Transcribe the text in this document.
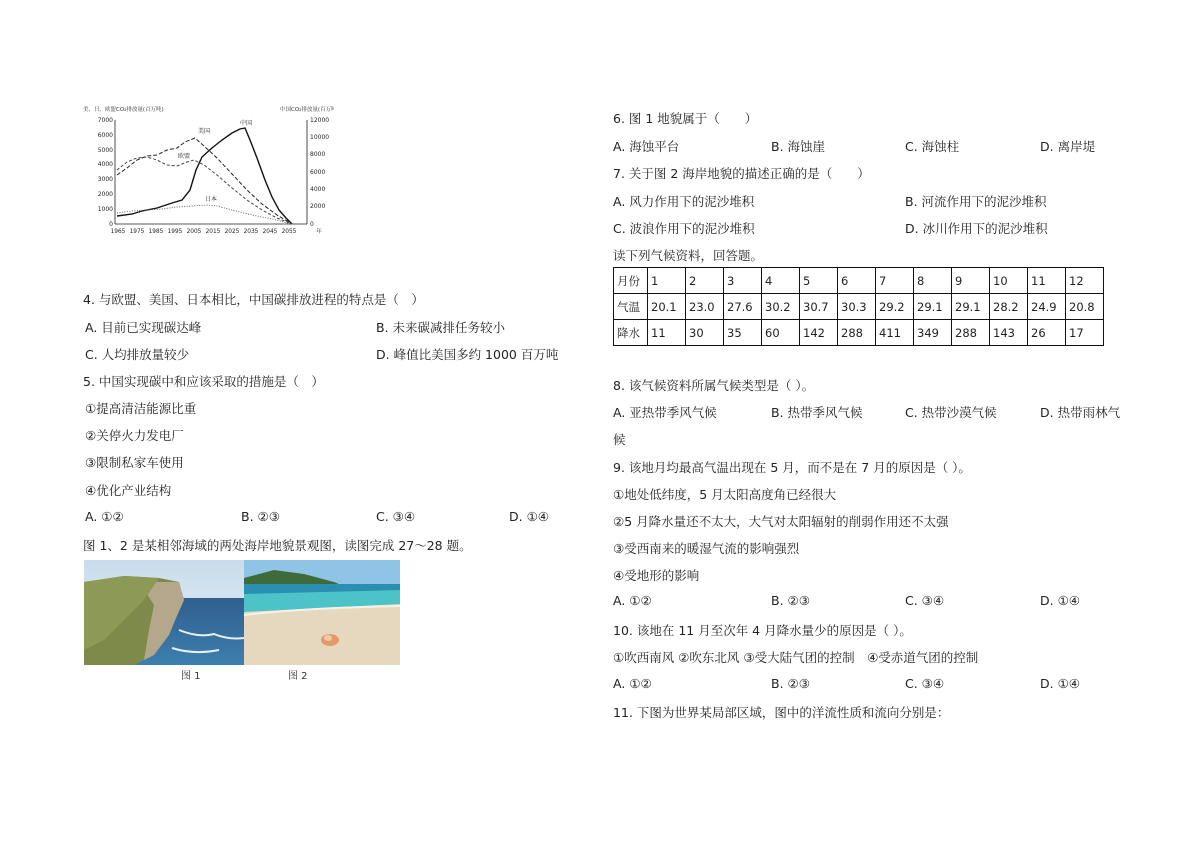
美、日、欧盟CO₂排放量(百万吨)	中国CO₂排放量(百万吨)
7000
6000
5000
4000
3000
2000
1000
0
12000
10000
8000
6000
4000
2000
0
1965 1975 1985 1995 2005 2015 2025 2035 2045 2055	年
中国
美国
欧盟
日本
4. 与欧盟、美国、日本相比，中国碳排放进程的特点是（　）
A. 目前已实现碳达峰	B. 未来碳减排任务较小
C. 人均排放量较少	D. 峰值比美国多约 1000 百万吨
5. 中国实现碳中和应该采取的措施是（　）
①提高清洁能源比重
②关停火力发电厂
③限制私家车使用
④优化产业结构
A. ①②	B. ②③	C. ③④	D. ①④
图 1、2 是某相邻海域的两处海岸地貌景观图，读图完成 27～28 题。
图 1	图 2
6. 图 1 地貌属于（　　）
A. 海蚀平台	B. 海蚀崖	C. 海蚀柱	D. 离岸堤
7. 关于图 2 海岸地貌的描述正确的是（　　）
A. 风力作用下的泥沙堆积	B. 河流作用下的泥沙堆积
C. 波浪作用下的泥沙堆积	D. 冰川作用下的泥沙堆积
读下列气候资料，回答题。
月份	1	2	3	4	5	6	7	8	9	10	11	12
气温	20.1	23.0	27.6	30.2	30.7	30.3	29.2	29.1	29.1	28.2	24.9	20.8
降水	11	30	35	60	142	288	411	349	288	143	26	17
8. 该气候资料所属气候类型是（ ）。
A. 亚热带季风气候	B. 热带季风气候	C. 热带沙漠气候	D. 热带雨林气
候
9. 该地月均最高气温出现在 5 月，而不是在 7 月的原因是（ ）。
①地处低纬度，5 月太阳高度角已经很大
②5 月降水量还不太大，大气对太阳辐射的削弱作用还不太强
③受西南来的暖湿气流的影响强烈
④受地形的影响
A. ①②	B. ②③	C. ③④	D. ①④
10. 该地在 11 月至次年 4 月降水量少的原因是（ ）。
①吹西南风 ②吹东北风 ③受大陆气团的控制　④受赤道气团的控制
A. ①②	B. ②③	C. ③④	D. ①④
11. 下图为世界某局部区域，图中的洋流性质和流向分别是：
